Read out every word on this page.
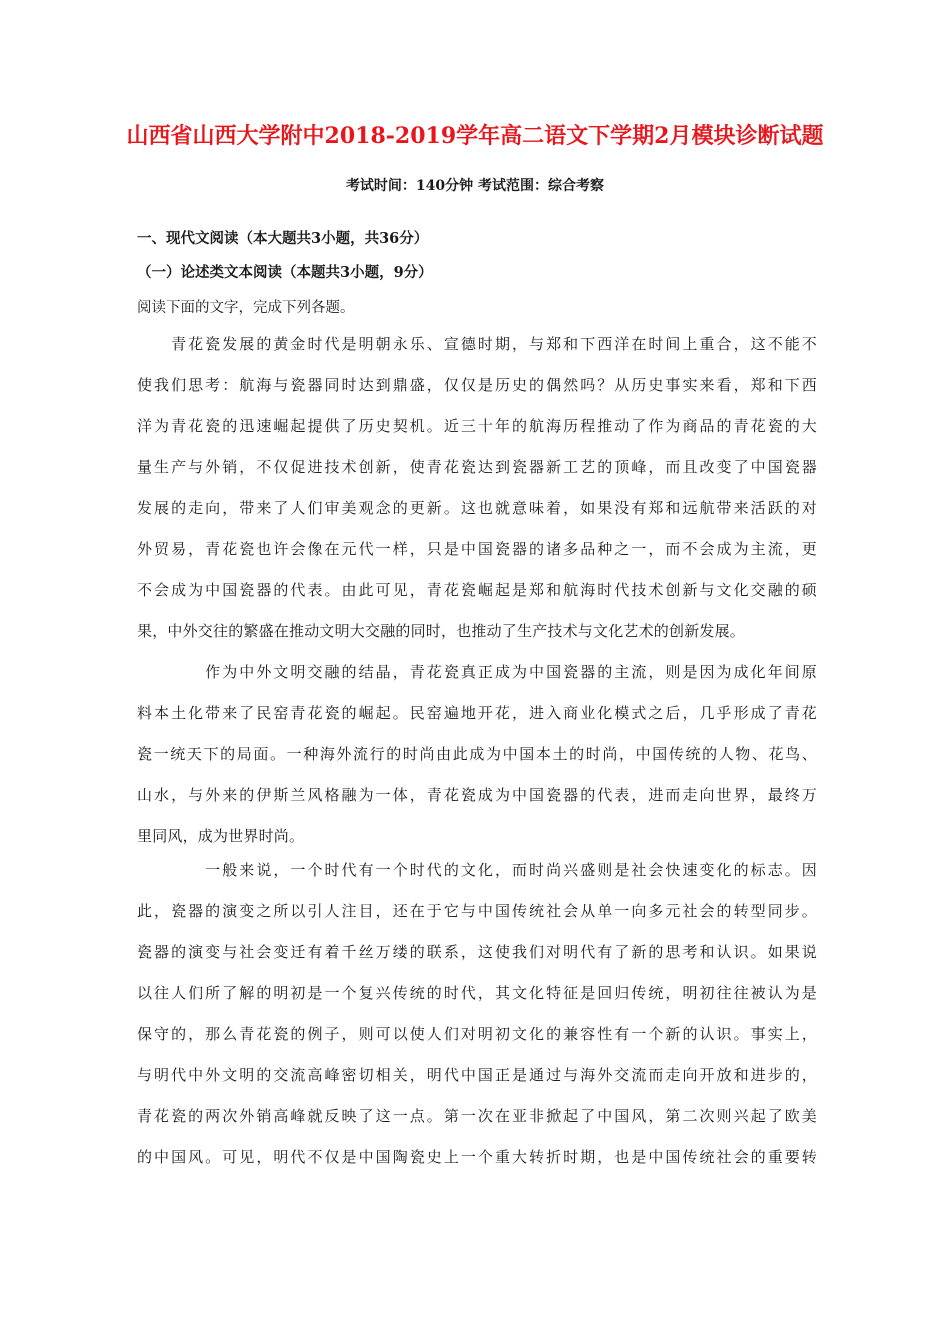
山西省山西大学附中2018-2019学年高二语文下学期2月模块诊断试题

考试时间：140分钟 考试范围：综合考察

一、现代文阅读（本大题共3小题，共36分）

（一）论述类文本阅读（本题共3小题，9分）

阅读下面的文字，完成下列各题。

　　青花瓷发展的黄金时代是明朝永乐、宣德时期，与郑和下西洋在时间上重合，这不能不

使我们思考：航海与瓷器同时达到鼎盛，仅仅是历史的偶然吗？从历史事实来看，郑和下西

洋为青花瓷的迅速崛起提供了历史契机。近三十年的航海历程推动了作为商品的青花瓷的大

量生产与外销，不仅促进技术创新，使青花瓷达到瓷器新工艺的顶峰，而且改变了中国瓷器

发展的走向，带来了人们审美观念的更新。这也就意味着，如果没有郑和远航带来活跃的对

外贸易，青花瓷也许会像在元代一样，只是中国瓷器的诸多品种之一，而不会成为主流，更

不会成为中国瓷器的代表。由此可见，青花瓷崛起是郑和航海时代技术创新与文化交融的硕

果，中外交往的繁盛在推动文明大交融的同时，也推动了生产技术与文化艺术的创新发展。

　　　　作为中外文明交融的结晶，青花瓷真正成为中国瓷器的主流，则是因为成化年间原

料本土化带来了民窑青花瓷的崛起。民窑遍地开花，进入商业化模式之后，几乎形成了青花

瓷一统天下的局面。一种海外流行的时尚由此成为中国本土的时尚，中国传统的人物、花鸟、

山水，与外来的伊斯兰风格融为一体，青花瓷成为中国瓷器的代表，进而走向世界，最终万

里同风，成为世界时尚。

　　　　一般来说，一个时代有一个时代的文化，而时尚兴盛则是社会快速变化的标志。因

此，瓷器的演变之所以引人注目，还在于它与中国传统社会从单一向多元社会的转型同步。

瓷器的演变与社会变迁有着千丝万缕的联系，这使我们对明代有了新的思考和认识。如果说

以往人们所了解的明初是一个复兴传统的时代，其文化特征是回归传统，明初往往被认为是

保守的，那么青花瓷的例子，则可以使人们对明初文化的兼容性有一个新的认识。事实上，

与明代中外文明的交流高峰密切相关，明代中国正是通过与海外交流而走向开放和进步的，

青花瓷的两次外销高峰就反映了这一点。第一次在亚非掀起了中国风，第二次则兴起了欧美

的中国风。可见，明代不仅是中国陶瓷史上一个重大转折时期，也是中国传统社会的重要转
